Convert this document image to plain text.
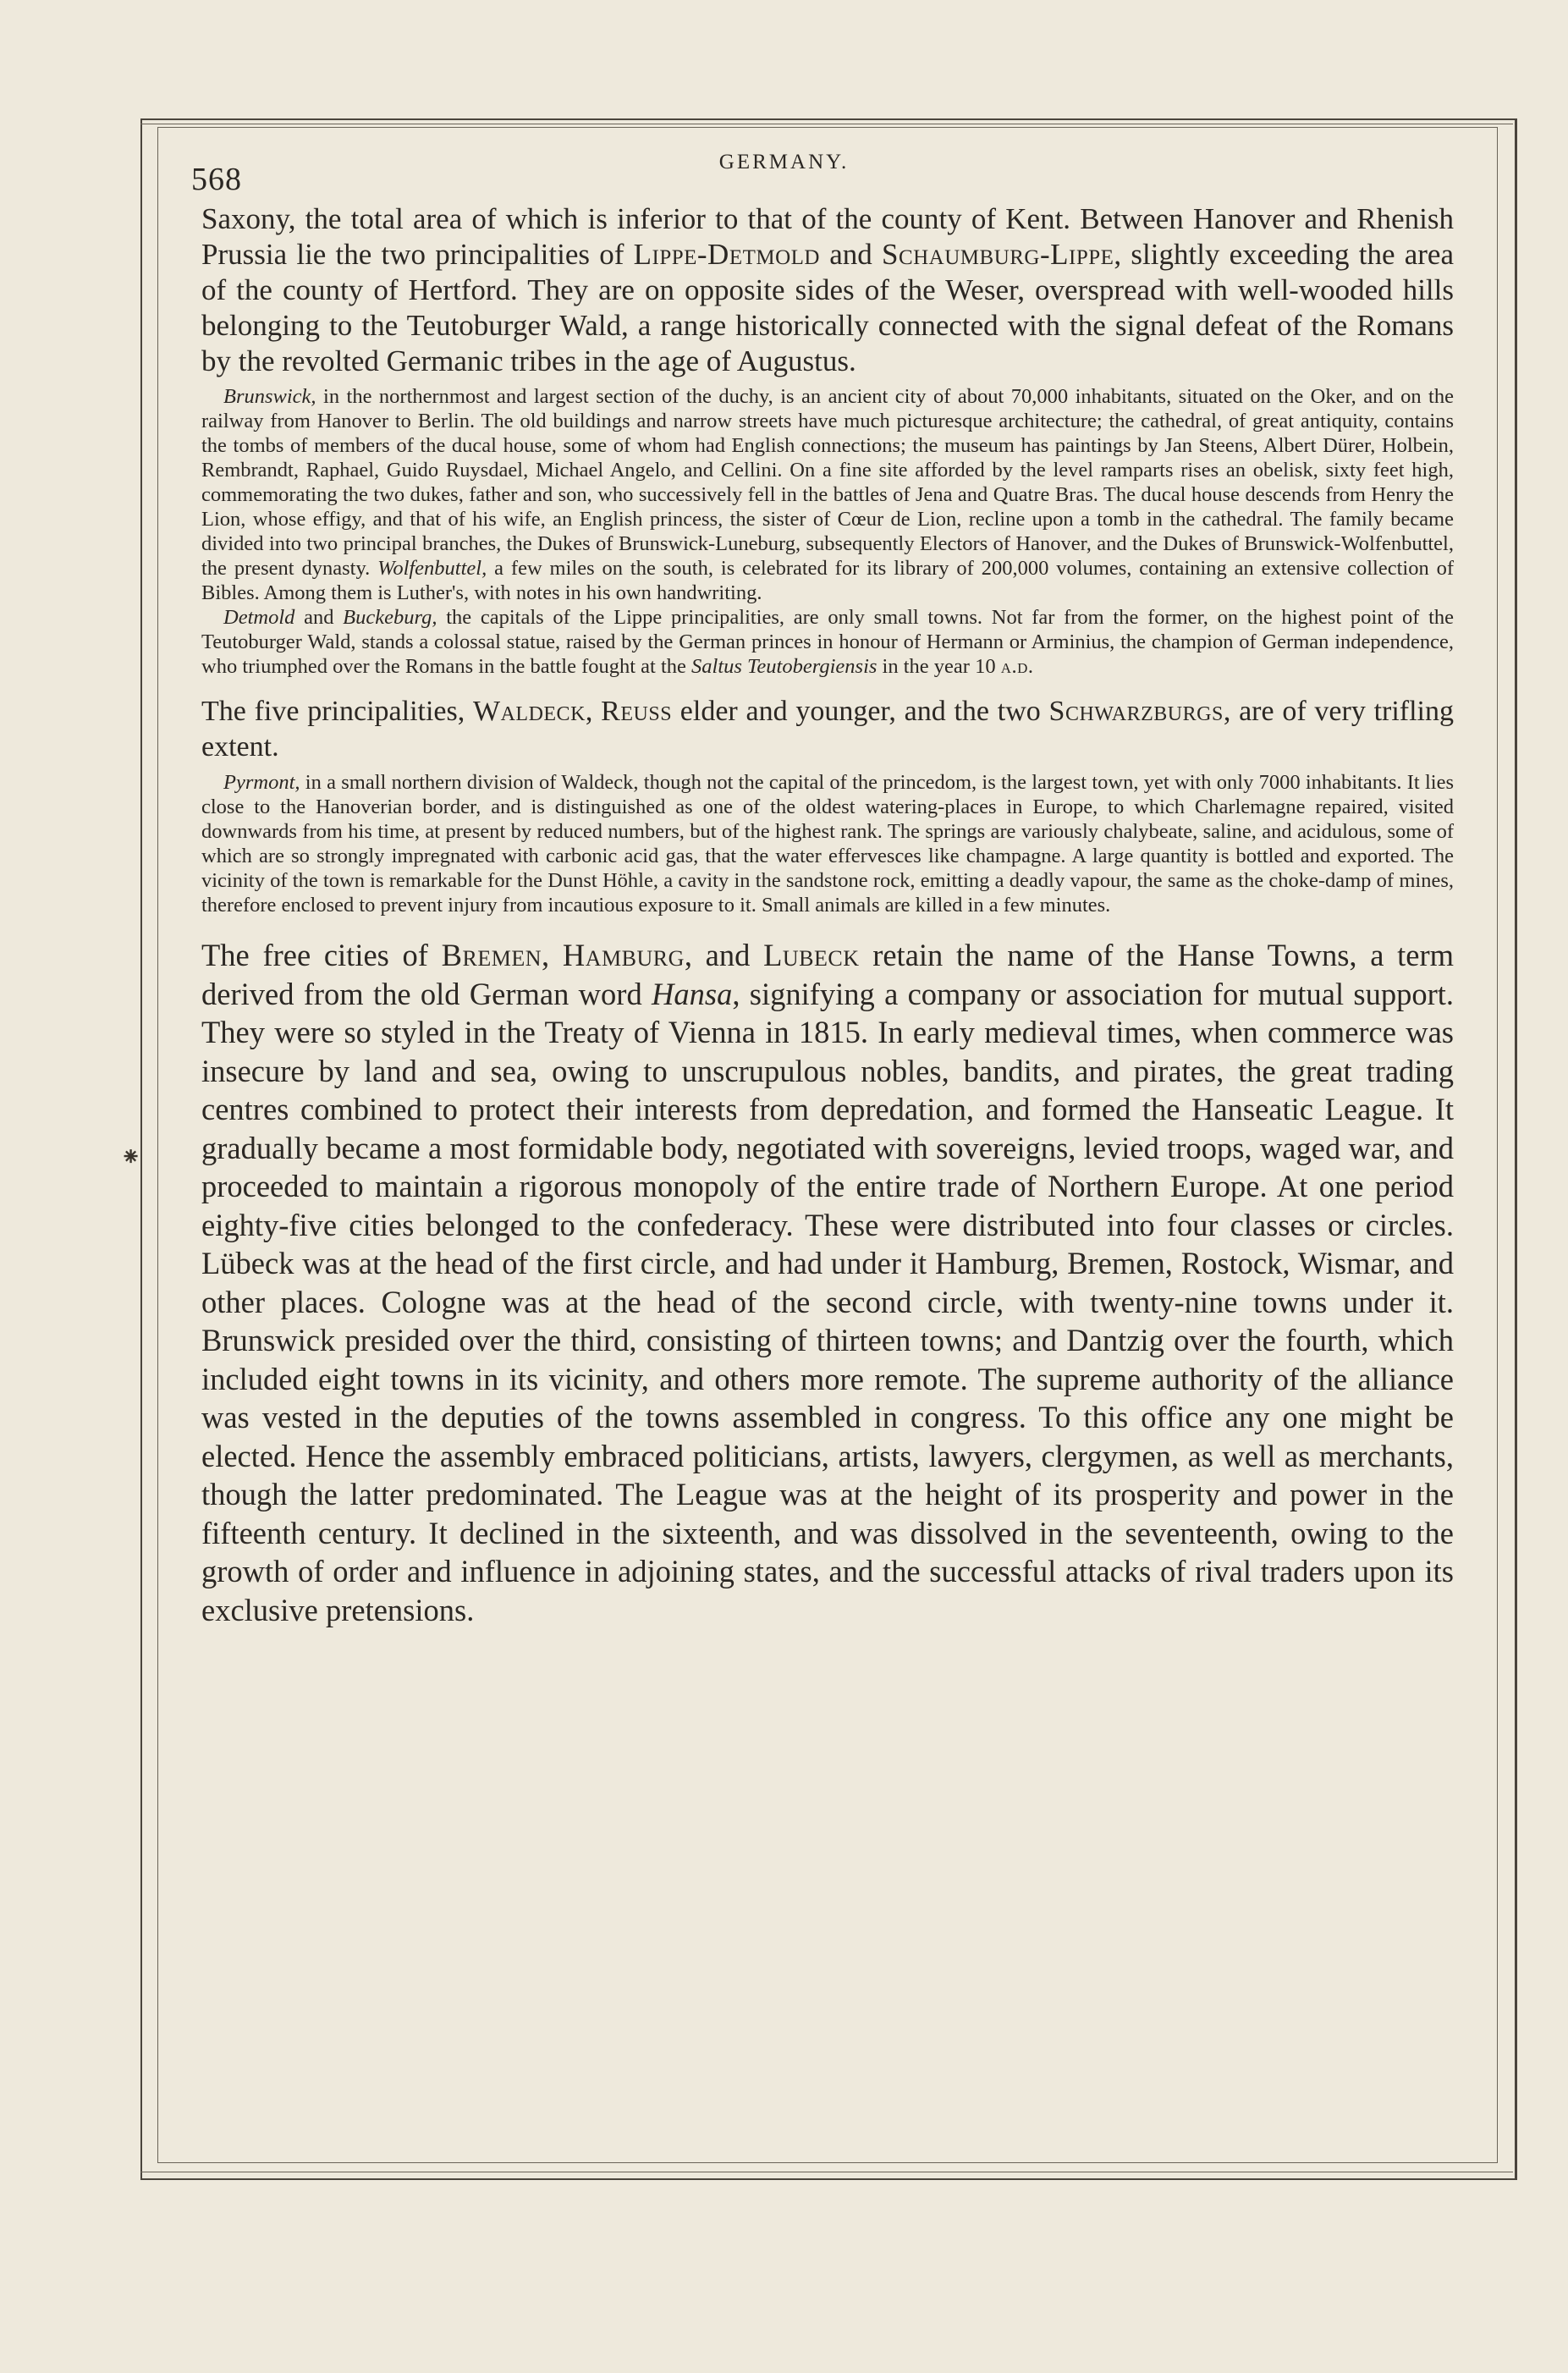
⁕
568	GERMANY.

Saxony, the total area of which is inferior to that of the county of Kent. Between Hanover and Rhenish Prussia lie the two principalities of Lippe-Detmold and Schaumburg-Lippe, slightly exceeding the area of the county of Hertford. They are on opposite sides of the Weser, overspread with well-wooded hills belonging to the Teutoburger Wald, a range historically connected with the signal defeat of the Romans by the revolted Germanic tribes in the age of Augustus.

Brunswick, in the northernmost and largest section of the duchy, is an ancient city of about 70,000 inhabitants, situated on the Oker, and on the railway from Hanover to Berlin. The old buildings and narrow streets have much picturesque architecture; the cathedral, of great antiquity, contains the tombs of members of the ducal house, some of whom had English connections; the museum has paintings by Jan Steens, Albert Dürer, Holbein, Rembrandt, Raphael, Guido Ruysdael, Michael Angelo, and Cellini. On a fine site afforded by the level ramparts rises an obelisk, sixty feet high, commemorating the two dukes, father and son, who successively fell in the battles of Jena and Quatre Bras. The ducal house descends from Henry the Lion, whose effigy, and that of his wife, an English princess, the sister of Cœur de Lion, recline upon a tomb in the cathedral. The family became divided into two principal branches, the Dukes of Brunswick-Luneburg, subsequently Electors of Hanover, and the Dukes of Brunswick-Wolfenbuttel, the present dynasty. Wolfenbuttel, a few miles on the south, is celebrated for its library of 200,000 volumes, containing an extensive collection of Bibles. Among them is Luther's, with notes in his own handwriting.

Detmold and Buckeburg, the capitals of the Lippe principalities, are only small towns. Not far from the former, on the highest point of the Teutoburger Wald, stands a colossal statue, raised by the German princes in honour of Hermann or Arminius, the champion of German independence, who triumphed over the Romans in the battle fought at the Saltus Teutobergiensis in the year 10 a.d.

The five principalities, Waldeck, Reuss elder and younger, and the two Schwarzburgs, are of very trifling extent.

Pyrmont, in a small northern division of Waldeck, though not the capital of the princedom, is the largest town, yet with only 7000 inhabitants. It lies close to the Hanoverian border, and is distinguished as one of the oldest watering-places in Europe, to which Charlemagne repaired, visited downwards from his time, at present by reduced numbers, but of the highest rank. The springs are variously chalybeate, saline, and acidulous, some of which are so strongly impregnated with carbonic acid gas, that the water effervesces like champagne. A large quantity is bottled and exported. The vicinity of the town is remarkable for the Dunst Höhle, a cavity in the sandstone rock, emitting a deadly vapour, the same as the choke-damp of mines, therefore enclosed to prevent injury from incautious exposure to it. Small animals are killed in a few minutes.

The free cities of Bremen, Hamburg, and Lubeck retain the name of the Hanse Towns, a term derived from the old German word Hansa, signifying a company or association for mutual support. They were so styled in the Treaty of Vienna in 1815. In early medieval times, when commerce was insecure by land and sea, owing to unscrupulous nobles, bandits, and pirates, the great trading centres combined to protect their interests from depredation, and formed the Hanseatic League. It gradually became a most formidable body, negotiated with sovereigns, levied troops, waged war, and proceeded to maintain a rigorous monopoly of the entire trade of Northern Europe. At one period eighty-five cities belonged to the confederacy. These were distributed into four classes or circles. Lübeck was at the head of the first circle, and had under it Hamburg, Bremen, Rostock, Wismar, and other places. Cologne was at the head of the second circle, with twenty-nine towns under it. Brunswick presided over the third, consisting of thirteen towns; and Dantzig over the fourth, which included eight towns in its vicinity, and others more remote. The supreme authority of the alliance was vested in the deputies of the towns assembled in congress. To this office any one might be elected. Hence the assembly embraced politicians, artists, lawyers, clergymen, as well as merchants, though the latter predominated. The League was at the height of its prosperity and power in the fifteenth century. It declined in the sixteenth, and was dissolved in the seventeenth, owing to the growth of order and influence in adjoining states, and the successful attacks of rival traders upon its exclusive pretensions.
